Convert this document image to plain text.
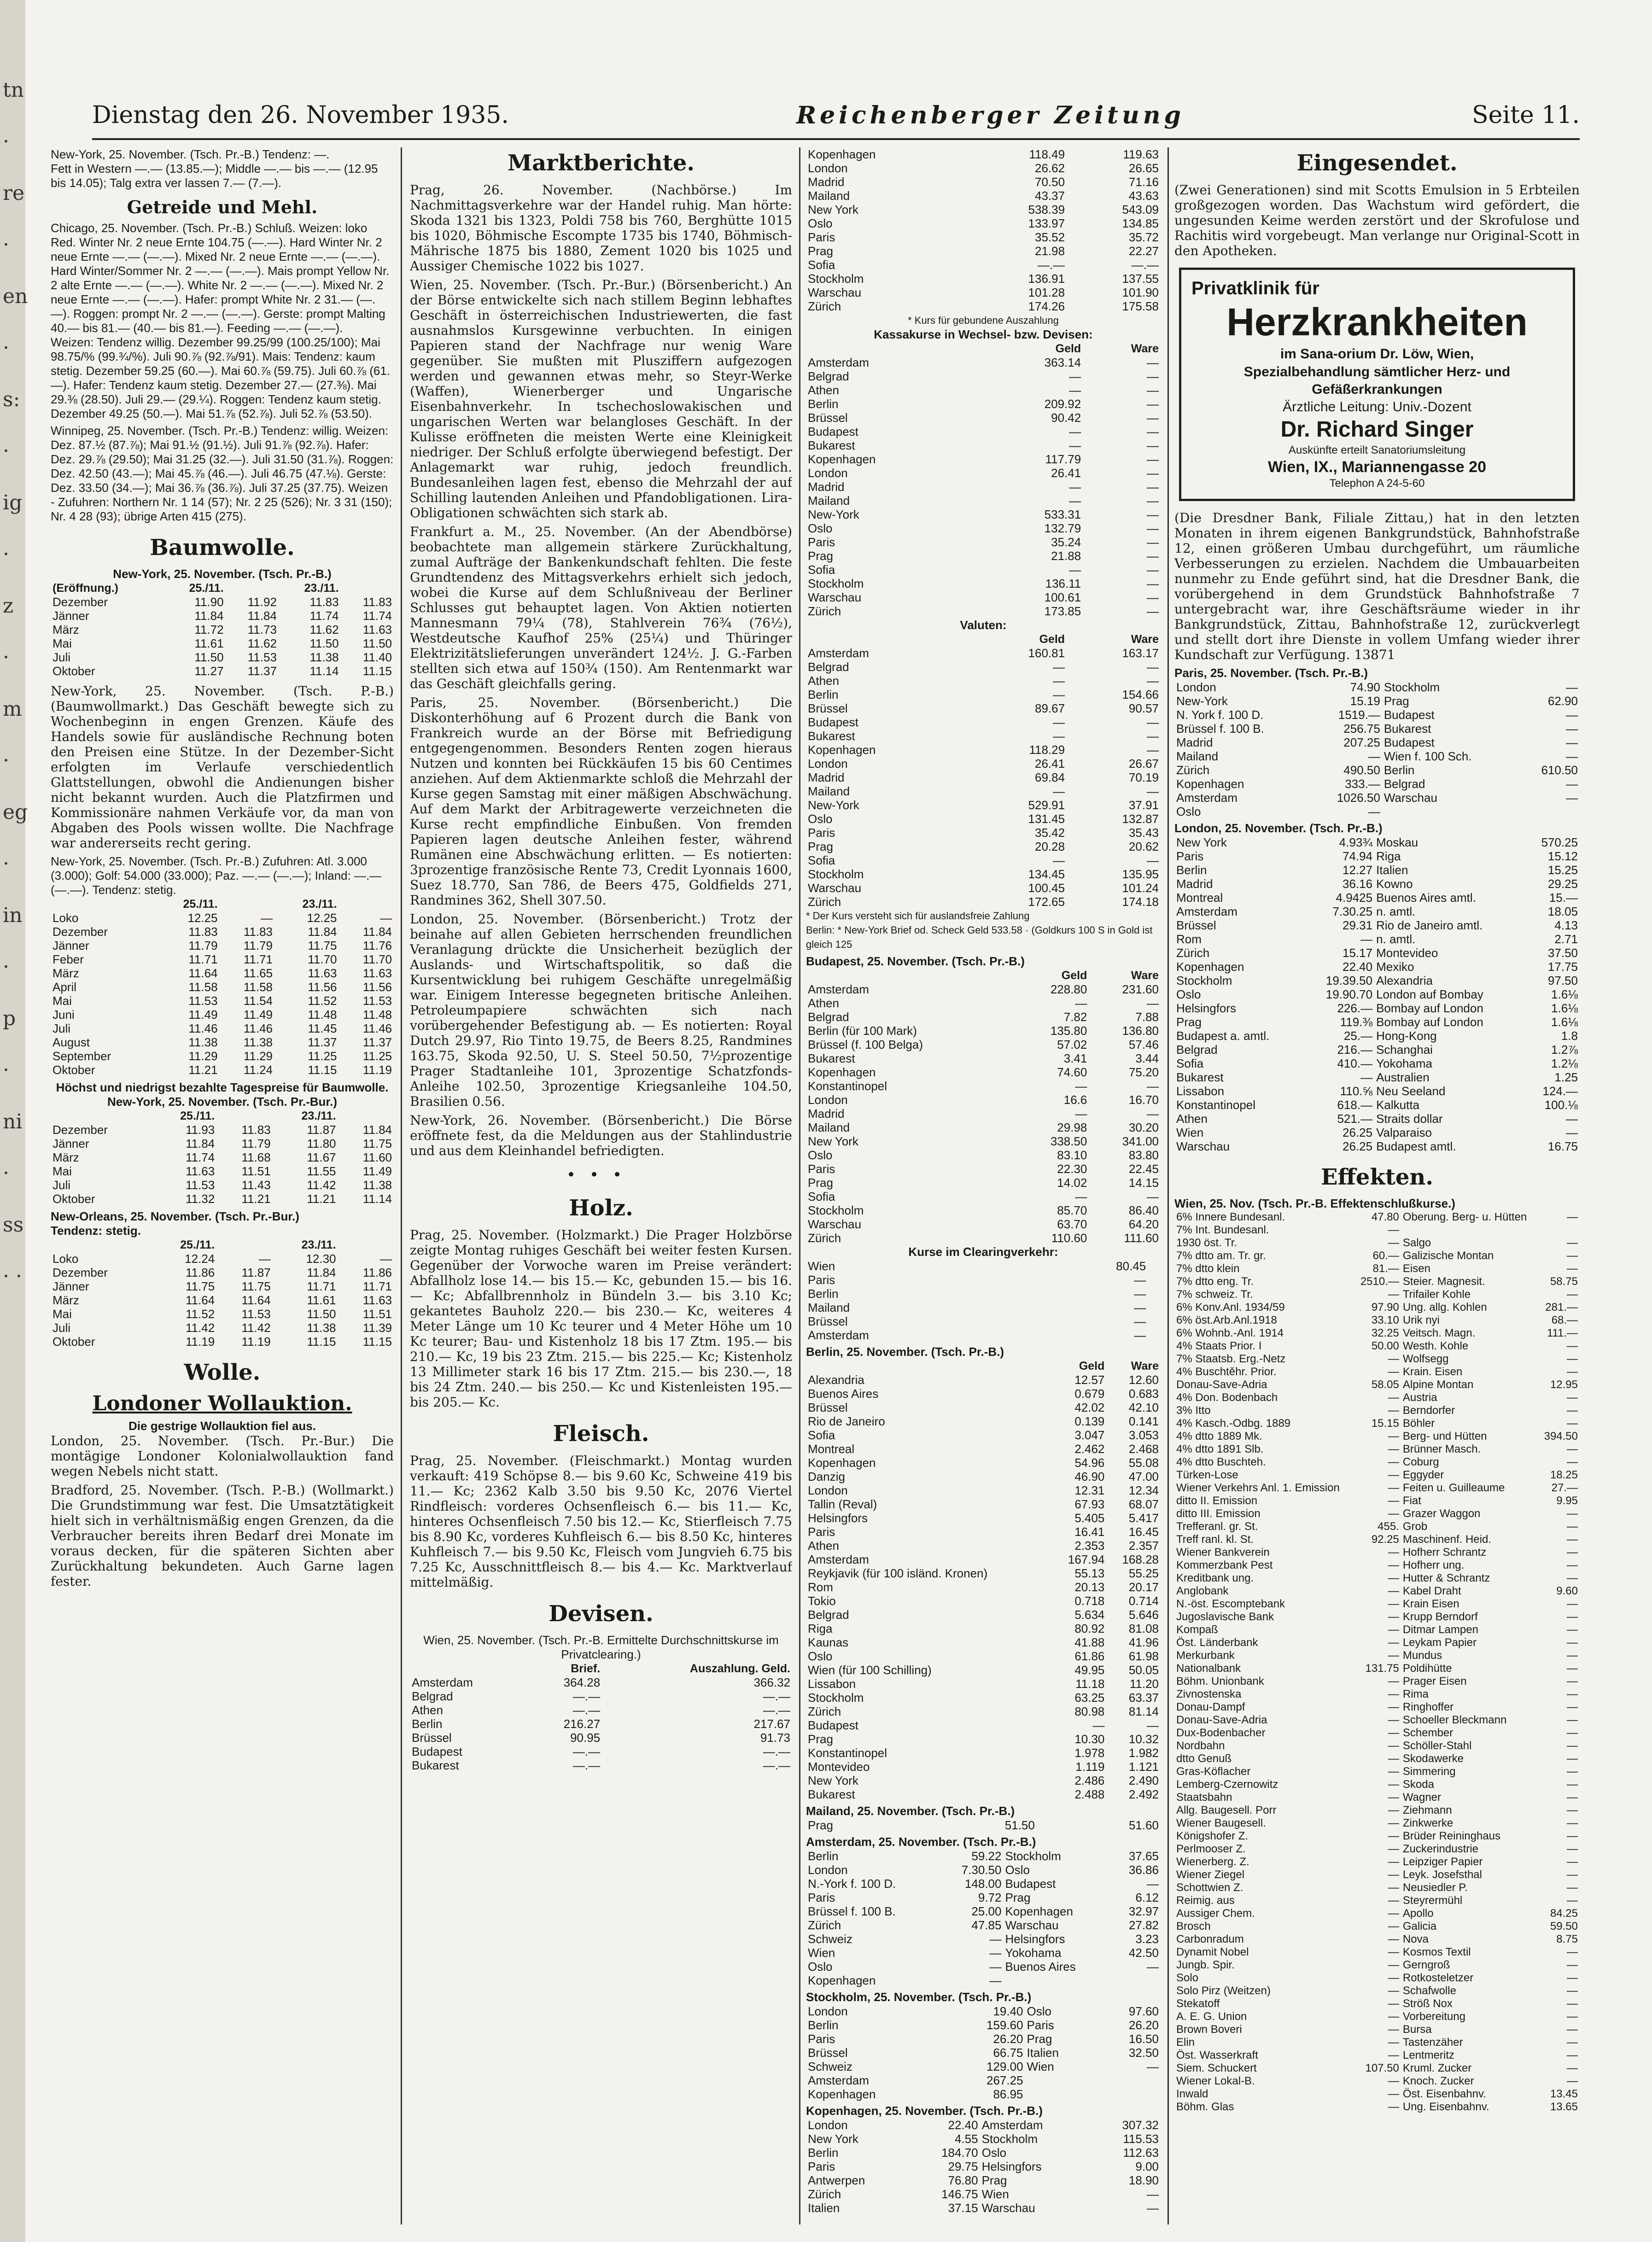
tn · re · en · s: · ig · z · m · eg · in · p · ni · ss · ·
Dienstag den 26. November 1935.	Reichenberger Zeitung	Seite 11.

New-York, 25. November. (Tsch. Pr.-B.) Tendenz: —.

Fett in Western —.— (13.85.—); Middle —.— bis —.— (12.95 bis 14.05); Talg extra ver lassen 7.— (7.—).

Getreide und Mehl.

Chicago, 25. November. (Tsch. Pr.-B.) Schluß. Weizen: loko Red. Winter Nr. 2 neue Ernte 104.75 (—.—). Hard Winter Nr. 2 neue Ernte —.— (—.—). Mixed Nr. 2 neue Ernte —.— (—.—). Hard Winter/Sommer Nr. 2 —.— (—.—). Mais prompt Yellow Nr. 2 alte Ernte —.— (—.—). White Nr. 2 —.— (—.—). Mixed Nr. 2 neue Ernte —.— (—.—). Hafer: prompt White Nr. 2 31.— (—.—). Roggen: prompt Nr. 2 —.— (—.—). Gerste: prompt Malting 40.— bis 81.— (40.— bis 81.—). Feeding —.— (—.—).

Weizen: Tendenz willig. Dezember 99.25/99 (100.25/100); Mai 98.75/% (99.¾/%). Juli 90.⅞ (92.⅞/91). Mais: Tendenz: kaum stetig. Dezember 59.25 (60.—). Mai 60.⅞ (59.75). Juli 60.⅞ (61.—). Hafer: Tendenz kaum stetig. Dezember 27.— (27.⅜). Mai 29.⅜ (28.50). Juli 29.— (29.¼). Roggen: Tendenz kaum stetig. Dezember 49.25 (50.—). Mai 51.⅞ (52.⅞). Juli 52.⅞ (53.50).

Winnipeg, 25. November. (Tsch. Pr.-B.) Tendenz: willig. Weizen: Dez. 87.½ (87.⅞); Mai 91.½ (91.½). Juli 91.⅞ (92.⅞). Hafer: Dez. 29.⅞ (29.50); Mai 31.25 (32.—). Juli 31.50 (31.⅞). Roggen: Dez. 42.50 (43.—); Mai 45.⅞ (46.—). Juli 46.75 (47.⅛). Gerste: Dez. 33.50 (34.—); Mai 36.⅞ (36.⅞). Juli 37.25 (37.75). Weizen - Zufuhren: Northern Nr. 1 14 (57); Nr. 2 25 (526); Nr. 3 31 (150); Nr. 4 28 (93); übrige Arten 415 (275).

Baumwolle.

New-York, 25. November. (Tsch. Pr.-B.)

(Eröffnung.)	25./11.		23./11.	
Dezember	11.90	11.92	11.83	11.83
Jänner	11.84	11.84	11.74	11.74
März	11.72	11.73	11.62	11.63
Mai	11.61	11.62	11.50	11.50
Juli	11.50	11.53	11.38	11.40
Oktober	11.27	11.37	11.14	11.15

New-York, 25. November. (Tsch. P.-B.) (Baumwollmarkt.) Das Geschäft bewegte sich zu Wochenbeginn in engen Grenzen. Käufe des Handels sowie für ausländische Rechnung boten den Preisen eine Stütze. In der Dezember-Sicht erfolgten im Verlaufe verschiedentlich Glattstellungen, obwohl die Andienungen bisher nicht bekannt wurden. Auch die Platzfirmen und Kommissionäre nahmen Verkäufe vor, da man von Abgaben des Pools wissen wollte. Die Nachfrage war andererseits recht gering.

New-York, 25. November. (Tsch. Pr.-B.) Zufuhren: Atl. 3.000 (3.000); Golf: 54.000 (33.000); Paz. —.— (—.—); Inland: —.— (—.—). Tendenz: stetig.

	25./11.		23./11.	
Loko	12.25	—	12.25	—
Dezember	11.83	11.83	11.84	11.84
Jänner	11.79	11.79	11.75	11.76
Feber	11.71	11.71	11.70	11.70
März	11.64	11.65	11.63	11.63
April	11.58	11.58	11.56	11.56
Mai	11.53	11.54	11.52	11.53
Juni	11.49	11.49	11.48	11.48
Juli	11.46	11.46	11.45	11.46
August	11.38	11.38	11.37	11.37
September	11.29	11.29	11.25	11.25
Oktober	11.21	11.24	11.15	11.19

Höchst und niedrigst bezahlte Tagespreise für Baumwolle.

New-York, 25. November. (Tsch. Pr.-Bur.)

	25./11.		23./11.	
Dezember	11.93	11.83	11.87	11.84
Jänner	11.84	11.79	11.80	11.75
März	11.74	11.68	11.67	11.60
Mai	11.63	11.51	11.55	11.49
Juli	11.53	11.43	11.42	11.38
Oktober	11.32	11.21	11.21	11.14

New-Orleans, 25. November. (Tsch. Pr.-Bur.)

Tendenz: stetig.

	25./11.		23./11.	
Loko	12.24	—	12.30	—
Dezember	11.86	11.87	11.84	11.86
Jänner	11.75	11.75	11.71	11.71
März	11.64	11.64	11.61	11.63
Mai	11.52	11.53	11.50	11.51
Juli	11.42	11.42	11.38	11.39
Oktober	11.19	11.19	11.15	11.15
Wolle.
Londoner Wollauktion.

Die gestrige Wollauktion fiel aus.

London, 25. November. (Tsch. Pr.-Bur.) Die montägige Londoner Kolonialwollauktion fand wegen Nebels nicht statt.

Bradford, 25. November. (Tsch. P.-B.) (Wollmarkt.) Die Grundstimmung war fest. Die Umsatztätigkeit hielt sich in verhältnismäßig engen Grenzen, da die Verbraucher bereits ihren Bedarf drei Monate im voraus decken, für die späteren Sichten aber Zurückhaltung bekundeten. Auch Garne lagen fester.

Marktberichte.

Prag, 26. November. (Nachbörse.) Im Nachmittagsverkehre war der Handel ruhig. Man hörte: Skoda 1321 bis 1323, Poldi 758 bis 760, Berghütte 1015 bis 1020, Böhmische Escompte 1735 bis 1740, Böhmisch-Mährische 1875 bis 1880, Zement 1020 bis 1025 und Aussiger Chemische 1022 bis 1027.

Wien, 25. November. (Tsch. Pr.-Bur.) (Börsenbericht.) An der Börse entwickelte sich nach stillem Beginn lebhaftes Geschäft in österreichischen Industriewerten, die fast ausnahmslos Kursgewinne verbuchten. In einigen Papieren stand der Nachfrage nur wenig Ware gegenüber. Sie mußten mit Plusziffern aufgezogen werden und gewannen etwas mehr, so Steyr-Werke (Waffen), Wienerberger und Ungarische Eisenbahnverkehr. In tschechoslowakischen und ungarischen Werten war belangloses Geschäft. In der Kulisse eröffneten die meisten Werte eine Kleinigkeit niedriger. Der Schluß erfolgte überwiegend befestigt. Der Anlagemarkt war ruhig, jedoch freundlich. Bundesanleihen lagen fest, ebenso die Mehrzahl der auf Schilling lautenden Anleihen und Pfandobligationen. Lira-Obligationen schwächten sich stark ab.

Frankfurt a. M., 25. November. (An der Abendbörse) beobachtete man allgemein stärkere Zurückhaltung, zumal Aufträge der Bankenkundschaft fehlten. Die feste Grundtendenz des Mittagsverkehrs erhielt sich jedoch, wobei die Kurse auf dem Schlußniveau der Berliner Schlusses gut behauptet lagen. Von Aktien notierten Mannesmann 79¼ (78), Stahlverein 76¾ (76½), Westdeutsche Kaufhof 25% (25¼) und Thüringer Elektrizitätslieferungen unverändert 124½. J. G.-Farben stellten sich etwa auf 150¾ (150). Am Rentenmarkt war das Geschäft gleichfalls gering.

Paris, 25. November. (Börsenbericht.) Die Diskonterhöhung auf 6 Prozent durch die Bank von Frankreich wurde an der Börse mit Befriedigung entgegengenommen. Besonders Renten zogen hieraus Nutzen und konnten bei Rückkäufen 15 bis 60 Centimes anziehen. Auf dem Aktienmarkte schloß die Mehrzahl der Kurse gegen Samstag mit einer mäßigen Abschwächung. Auf dem Markt der Arbitragewerte verzeichneten die Kurse recht empfindliche Einbußen. Von fremden Papieren lagen deutsche Anleihen fester, während Rumänen eine Abschwächung erlitten. — Es notierten: 3prozentige französische Rente 73, Credit Lyonnais 1600, Suez 18.770, San 786, de Beers 475, Goldfields 271, Randmines 362, Shell 307.50.

London, 25. November. (Börsenbericht.) Trotz der beinahe auf allen Gebieten herrschenden freundlichen Veranlagung drückte die Unsicherheit bezüglich der Auslands- und Wirtschaftspolitik, so daß die Kursentwicklung bei ruhigem Geschäfte unregelmäßig war. Einigem Interesse begegneten britische Anleihen. Petroleumpapiere schwächten sich nach vorübergehender Befestigung ab. — Es notierten: Royal Dutch 29.97, Rio Tinto 19.75, de Beers 8.25, Randmines 163.75, Skoda 92.50, U. S. Steel 50.50, 7½prozentige Prager Stadtanleihe 101, 3prozentige Schatzfonds-Anleihe 102.50, 3prozentige Kriegsanleihe 104.50, Brasilien 0.56.

New-York, 26. November. (Börsenbericht.) Die Börse eröffnete fest, da die Meldungen aus der Stahlindustrie und aus dem Kleinhandel befriedigten.

•••
Holz.

Prag, 25. November. (Holzmarkt.) Die Prager Holzbörse zeigte Montag ruhiges Geschäft bei weiter festen Kursen. Gegenüber der Vorwoche waren im Preise verändert: Abfallholz lose 14.— bis 15.— Kc, gebunden 15.— bis 16.— Kc; Abfallbrennholz in Bündeln 3.— bis 3.10 Kc; gekantetes Bauholz 220.— bis 230.— Kc, weiteres 4 Meter Länge um 10 Kc teurer und 4 Meter Höhe um 10 Kc teurer; Bau- und Kistenholz 18 bis 17 Ztm. 195.— bis 210.— Kc, 19 bis 23 Ztm. 215.— bis 225.— Kc; Kistenholz 13 Millimeter stark 16 bis 17 Ztm. 215.— bis 230.—, 18 bis 24 Ztm. 240.— bis 250.— Kc und Kistenleisten 195.— bis 205.— Kc.

Fleisch.

Prag, 25. November. (Fleischmarkt.) Montag wurden verkauft: 419 Schöpse 8.— bis 9.60 Kc, Schweine 419 bis 11.— Kc; 2362 Kalb 3.50 bis 9.50 Kc, 2076 Viertel Rindfleisch: vorderes Ochsenfleisch 6.— bis 11.— Kc, hinteres Ochsenfleisch 7.50 bis 12.— Kc, Stierfleisch 7.75 bis 8.90 Kc, vorderes Kuhfleisch 6.— bis 8.50 Kc, hinteres Kuhfleisch 7.— bis 9.50 Kc, Fleisch vom Jungvieh 6.75 bis 7.25 Kc, Ausschnittfleisch 8.— bis 4.— Kc. Marktverlauf mittelmäßig.

Devisen.

Wien, 25. November. (Tsch. Pr.-B. Ermittelte Durchschnittskurse im Privatclearing.)

	Brief.	Auszahlung. Geld.
Amsterdam	364.28	366.32
Belgrad	—.—	—.—
Athen	—.—	—.—
Berlin	216.27	217.67
Brüssel	90.95	91.73
Budapest	—.—	—.—
Bukarest	—.—	—.—
Kopenhagen	118.49	119.63
London	26.62	26.65
Madrid	70.50	71.16
Mailand	43.37	43.63
New York	538.39	543.09
Oslo	133.97	134.85
Paris	35.52	35.72
Prag	21.98	22.27
Sofia	—.—	—.—
Stockholm	136.91	137.55
Warschau	101.28	101.90
Zürich	174.26	175.58

* Kurs für gebundene Auszahlung

Kassakurse in Wechsel- bzw. Devisen:

	Geld	Ware
Amsterdam	363.14	—
Belgrad	—	—
Athen	—	—
Berlin	209.92	—
Brüssel	90.42	—
Budapest	—	—
Bukarest	—	—
Kopenhagen	117.79	—
London	26.41	—
Madrid	—	—
Mailand	—	—
New-York	533.31	—
Oslo	132.79	—
Paris	35.24	—
Prag	21.88	—
Sofia	—	—
Stockholm	136.11	—
Warschau	100.61	—
Zürich	173.85	—

Valuten:

	Geld	Ware
Amsterdam	160.81	163.17
Belgrad	—	—
Athen	—	—
Berlin	—	154.66
Brüssel	89.67	90.57
Budapest	—	—
Bukarest	—	—
Kopenhagen	118.29	—
London	26.41	26.67
Madrid	69.84	70.19
Mailand	—	—
New-York	529.91	37.91
Oslo	131.45	132.87
Paris	35.42	35.43
Prag	20.28	20.62
Sofia	—	—
Stockholm	134.45	135.95
Warschau	100.45	101.24
Zürich	172.65	174.18

* Der Kurs versteht sich für auslandsfreie Zahlung

Berlin: * New-York Brief od. Scheck Geld 533.58 · (Goldkurs 100 S in Gold ist gleich 125

Budapest, 25. November. (Tsch. Pr.-B.)

	Geld	Ware
Amsterdam	228.80	231.60
Athen	—	—
Belgrad	7.82	7.88
Berlin (für 100 Mark)	135.80	136.80
Brüssel (f. 100 Belga)	57.02	57.46
Bukarest	3.41	3.44
Kopenhagen	74.60	75.20
Konstantinopel	—	—
London	16.6	16.70
Madrid	—	—
Mailand	29.98	30.20
New York	338.50	341.00
Oslo	83.10	83.80
Paris	22.30	22.45
Prag	14.02	14.15
Sofia	—	—
Stockholm	85.70	86.40
Warschau	63.70	64.20
Zürich	110.60	111.60

Kurse im Clearingverkehr:

Wien	80.45	
Paris	—	
Berlin	—	
Mailand	—	
Brüssel	—	
Amsterdam	—	

Berlin, 25. November. (Tsch. Pr.-B.)

	Geld	Ware
Alexandria	12.57	12.60
Buenos Aires	0.679	0.683
Brüssel	42.02	42.10
Rio de Janeiro	0.139	0.141
Sofia	3.047	3.053
Montreal	2.462	2.468
Kopenhagen	54.96	55.08
Danzig	46.90	47.00
London	12.31	12.34
Tallin (Reval)	67.93	68.07
Helsingfors	5.405	5.417
Paris	16.41	16.45
Athen	2.353	2.357
Amsterdam	167.94	168.28
Reykjavik (für 100 isländ. Kronen)	55.13	55.25
Rom	20.13	20.17
Tokio	0.718	0.714
Belgrad	5.634	5.646
Riga	80.92	81.08
Kaunas	41.88	41.96
Oslo	61.86	61.98
Wien (für 100 Schilling)	49.95	50.05
Lissabon	11.18	11.20
Stockholm	63.25	63.37
Zürich	80.98	81.14
Budapest	—	—
Prag	10.30	10.32
Konstantinopel	1.978	1.982
Montevideo	1.119	1.121
New York	2.486	2.490
Bukarest	2.488	2.492

Mailand, 25. November. (Tsch. Pr.-B.)

Prag	51.50	51.60

Amsterdam, 25. November. (Tsch. Pr.-B.)

Berlin	59.22	Stockholm	37.65
London	7.30.50	Oslo	36.86
N.-York f. 100 D.	148.00	Budapest	—
Paris	9.72	Prag	6.12
Brüssel f. 100 B.	25.00	Kopenhagen	32.97
Zürich	47.85	Warschau	27.82
Schweiz	—	Helsingfors	3.23
Wien	—	Yokohama	42.50
Oslo	—	Buenos Aires	—
Kopenhagen	—		

Stockholm, 25. November. (Tsch. Pr.-B.)

London	19.40	Oslo	97.60
Berlin	159.60	Paris	26.20
Paris	26.20	Prag	16.50
Brüssel	66.75	Italien	32.50
Schweiz	129.00	Wien	—
Amsterdam	267.25		
Kopenhagen	86.95		

Kopenhagen, 25. November. (Tsch. Pr.-B.)

London	22.40	Amsterdam	307.32
New York	4.55	Stockholm	115.53
Berlin	184.70	Oslo	112.63
Paris	29.75	Helsingfors	9.00
Antwerpen	76.80	Prag	18.90
Zürich	146.75	Wien	—
Italien	37.15	Warschau	—
Eingesendet.

(Zwei Generationen) sind mit Scotts Emulsion in 5 Erbteilen großgezogen worden. Das Wachstum wird gefördert, die ungesunden Keime werden zerstört und der Skrofulose und Rachitis wird vorgebeugt. Man verlange nur Original-Scott in den Apotheken.

Privatklinik für
Herzkrankheiten
im Sana-orium Dr. Löw, Wien,
Spezialbehandlung sämtlicher Herz- und Gefäßerkrankungen
Ärztliche Leitung: Univ.-Dozent
Dr. Richard Singer
Auskünfte erteilt Sanatoriumsleitung
Wien, IX., Mariannengasse 20
Telephon A 24-5-60

(Die Dresdner Bank, Filiale Zittau,) hat in den letzten Monaten in ihrem eigenen Bankgrundstück, Bahnhofstraße 12, einen größeren Umbau durchgeführt, um räumliche Verbesserungen zu erzielen. Nachdem die Umbauarbeiten nunmehr zu Ende geführt sind, hat die Dresdner Bank, die vorübergehend in dem Grundstück Bahnhofstraße 7 untergebracht war, ihre Geschäftsräume wieder in ihr Bankgrundstück, Zittau, Bahnhofstraße 12, zurückverlegt und stellt dort ihre Dienste in vollem Umfang wieder ihrer Kundschaft zur Verfügung. 13871

Paris, 25. November. (Tsch. Pr.-B.)

London	74.90	Stockholm	—
New-York	15.19	Prag	62.90
N. York f. 100 D.	1519.—	Budapest	—
Brüssel f. 100 B.	256.75	Bukarest	—
Madrid	207.25	Budapest	—
Mailand	—	Wien f. 100 Sch.	—
Zürich	490.50	Berlin	610.50
Kopenhagen	333.—	Belgrad	—
Amsterdam	1026.50	Warschau	—
Oslo	—		

London, 25. November. (Tsch. Pr.-B.)

New York	4.93¾	Moskau	570.25
Paris	74.94	Riga	15.12
Berlin	12.27	Italien	15.25
Madrid	36.16	Kowno	29.25
Montreal	4.9425	Buenos Aires amtl.	15.—
Amsterdam	7.30.25	n. amtl.	18.05
Brüssel	29.31	Rio de Janeiro amtl.	4.13
Rom	—	n. amtl.	2.71
Zürich	15.17	Montevideo	37.50
Kopenhagen	22.40	Mexiko	17.75
Stockholm	19.39.50	Alexandria	97.50
Oslo	19.90.70	London auf Bombay	1.6⅛
Helsingfors	226.—	Bombay auf London	1.6⅛
Prag	119.⅜	Bombay auf London	1.6⅛
Budapest a. amtl.	25.—	Hong-Kong	1.8
Belgrad	216.—	Schanghai	1.2⅞
Sofia	410.—	Yokohama	1.2⅛
Bukarest	—	Australien	1.25
Lissabon	110.⅝	Neu Seeland	124.—
Konstantinopel	618.—	Kalkutta	100.⅛
Athen	521.—	Straits dollar	—
Wien	26.25	Valparaiso	—
Warschau	26.25	Budapest amtl.	16.75
Effekten.

Wien, 25. Nov. (Tsch. Pr.-B. Effektenschlußkurse.)

6% Innere Bundesanl.	47.80	Oberung. Berg- u. Hütten	—
7% Int. Bundesanl.	—		
1930 öst. Tr.	—	Salgo	—
7% dtto am. Tr. gr.	60.—	Galizische Montan	—
7% dtto klein	81.—	Eisen	—
7% dtto eng. Tr.	2510.—	Steier. Magnesit.	58.75
7% schweiz. Tr.	—	Trifailer Kohle	—
6% Konv.Anl. 1934/59	97.90	Ung. allg. Kohlen	281.—
6% öst.Arb.Anl.1918	33.10	Urik nyi	68.—
6% Wohnb.-Anl. 1914	32.25	Veitsch. Magn.	111.—
4% Staats Prior. I	50.00	Westh. Kohle	—
7% Staatsb. Erg.-Netz	—	Wolfsegg	—
4% Buschtěhr. Prior.	—	Krain. Eisen	—
Donau-Save-Adria	58.05	Alpine Montan	12.95
4% Don. Bodenbach	—	Austria	—
3% Itto	—	Berndorfer	—
4% Kasch.-Odbg. 1889	15.15	Böhler	—
4% dtto 1889 Mk.	—	Berg- und Hütten	394.50
4% dtto 1891 Slb.	—	Brünner Masch.	—
4% dtto Buschteh.	—	Coburg	—
Türken-Lose	—	Eggyder	18.25
Wiener Verkehrs Anl. 1. Emission	—	Feiten u. Guilleaume	27.—
ditto II. Emission	—	Fiat	9.95
ditto III. Emission	—	Grazer Waggon	—
Trefferanl. gr. St.	455.	Grob	—
Treff ranl. kl. St.	92.25	Maschinenf. Heid.	—
Wiener Bankverein	—	Hofherr Schrantz	—
Kommerzbank Pest	—	Hofherr ung.	—
Kreditbank ung.	—	Hutter & Schrantz	—
Anglobank	—	Kabel Draht	9.60
N.-öst. Escomptebank	—	Krain Eisen	—
Jugoslavische Bank	—	Krupp Berndorf	—
Kompaß	—	Ditmar Lampen	—
Öst. Länderbank	—	Leykam Papier	—
Merkurbank	—	Mundus	—
Nationalbank	131.75	Poldihütte	—
Böhm. Unionbank	—	Prager Eisen	—
Zivnostenska	—	Rima	—
Donau-Dampf	—	Ringhoffer	—
Donau-Save-Adria	—	Schoeller Bleckmann	—
Dux-Bodenbacher	—	Schember	—
Nordbahn	—	Schöller-Stahl	—
dtto Genuß	—	Skodawerke	—
Gras-Köflacher	—	Simmering	—
Lemberg-Czernowitz	—	Skoda	—
Staatsbahn	—	Wagner	—
Allg. Baugesell. Porr	—	Ziehmann	—
Wiener Baugesell.	—	Zinkwerke	—
Königshofer Z.	—	Brüder Reininghaus	—
Perlmooser Z.	—	Zuckerindustrie	—
Wienerberg. Z.	—	Leipziger Papier	—
Wiener Ziegel	—	Leyk. Josefsthal	—
Schottwien Z.	—	Neusiedler P.	—
Reimig. aus	—	Steyrermühl	—
Aussiger Chem.	—	Apollo	84.25
Brosch	—	Galicia	59.50
Carbonradum	—	Nova	8.75
Dynamit Nobel	—	Kosmos Textil	—
Jungb. Spir.	—	Gerngroß	—
Solo	—	Rotkosteletzer	—
Solo Pirz (Weitzen)	—	Schafwolle	—
Stekatoff	—	Ströß Nox	—
A. E. G. Union	—	Vorbereitung	—
Brown Boveri	—	Bursa	—
Elin	—	Tastenzäher	—
Öst. Wasserkraft	—	Lentmeritz	—
Siem. Schuckert	107.50	Kruml. Zucker	—
Wiener Lokal-B.	—	Knoch. Zucker	—
Inwald	—	Öst. Eisenbahnv.	13.45
Böhm. Glas	—	Ung. Eisenbahnv.	13.65
